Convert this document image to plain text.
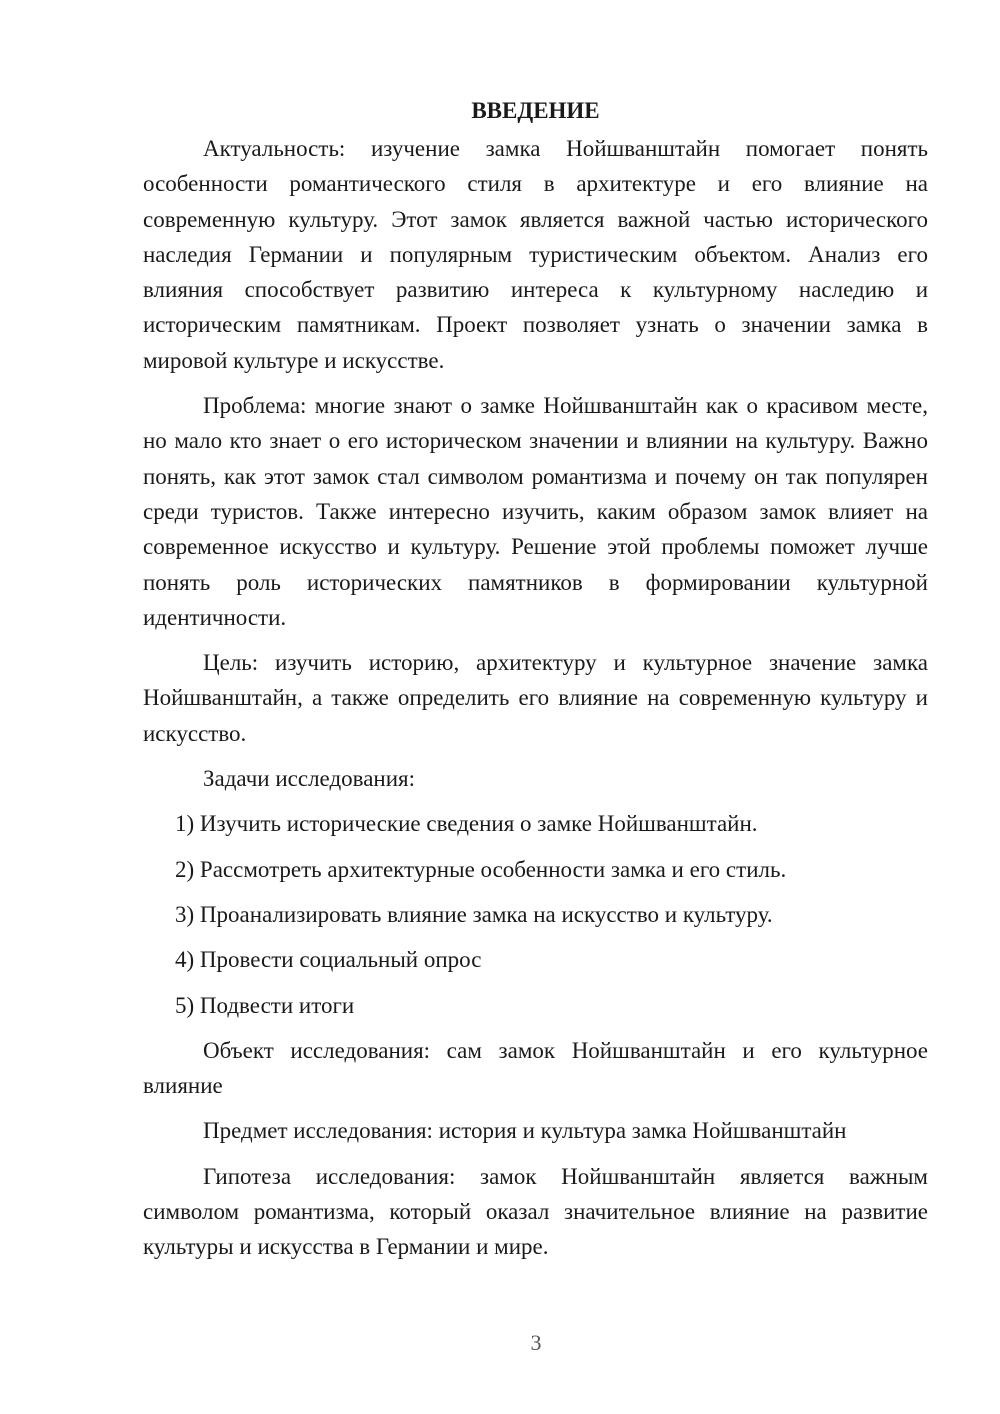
ВВЕДЕНИЕ

Актуальность: изучение замка Нойшванштайн помогает понять особенности романтического стиля в архитектуре и его влияние на современную культуру. Этот замок является важной частью исторического наследия Германии и популярным туристическим объектом. Анализ его влияния способствует развитию интереса к культурному наследию и историческим памятникам. Проект позволяет узнать о значении замка в мировой культуре и искусстве.

Проблема: многие знают о замке Нойшванштайн как о красивом месте, но мало кто знает о его историческом значении и влиянии на культуру. Важно понять, как этот замок стал символом романтизма и почему он так популярен среди туристов. Также интересно изучить, каким образом замок влияет на современное искусство и культуру. Решение этой проблемы поможет лучше понять роль исторических памятников в формировании культурной идентичности.

Цель: изучить историю, архитектуру и культурное значение замка Нойшванштайн, а также определить его влияние на современную культуру и искусство.

Задачи исследования:

1) Изучить исторические сведения о замке Нойшванштайн.
2) Рассмотреть архитектурные особенности замка и его стиль.
3) Проанализировать влияние замка на искусство и культуру.
4) Провести социальный опрос
5) Подвести итоги

Объект исследования: сам замок Нойшванштайн и его культурное влияние

Предмет исследования: история и культура замка Нойшванштайн

Гипотеза исследования: замок Нойшванштайн является важным символом романтизма, который оказал значительное влияние на развитие культуры и искусства в Германии и мире.

3
